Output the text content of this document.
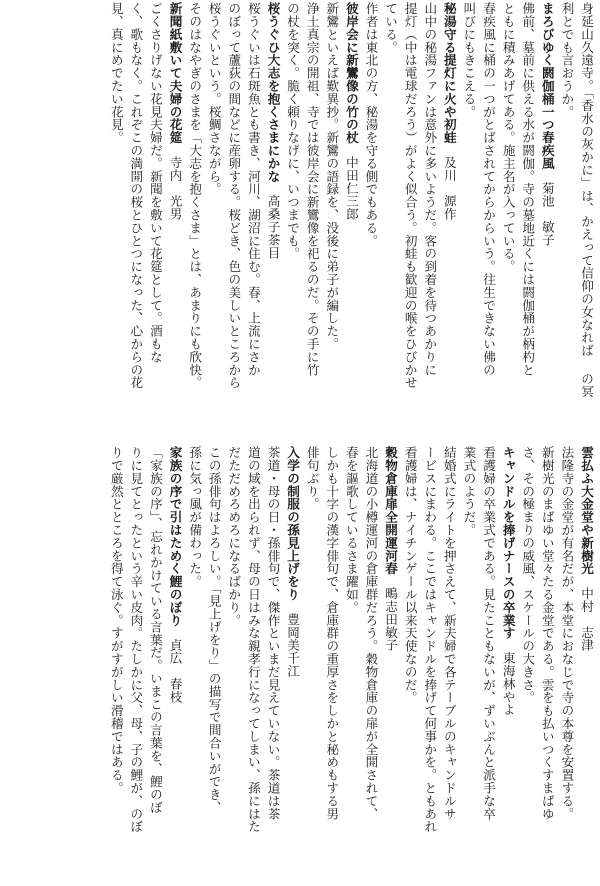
身延山久遠寺。「香水の灰かに」は、かえって信仰の女なれば の冥
利とでも言おうか。
まろびゆく閼伽桶一つ春疾風菊池　敏子
佛前、墓前に供える水が閼伽。寺の墓地近くには閼伽桶が柄杓と
ともに積みあげてある。施主名が入っている。
春疾風に桶の一つがとばされてからからいう。往生できない佛の
叫びにもきこえる。
秘湯守る提灯に火や初蛙及川　源作
山中の秘湯ファンは意外に多いようだ。客の到着を待つあかりに
提灯（中は電球だろう）がよく似合う。初蛙も歓迎の喉をひびかせ
ている。
作者は東北の方、秘湯を守る側でもある。
彼岸会に新鸞像の竹の杖中田仁三郎
新鸞といえば歎異抄。新鸞の語録を、没後に弟子が編した。
浄土真宗の開祖、寺では彼岸会に新鸞像を祀るのだ。その手に竹
の杖を突く。脆く頼りなげに、いつまでも。
桜うぐひ大志を抱くさまにかな高桑子茶目
桜うぐいは石斑魚とも書き、河川、湖沼に住む。春、上流にさか
のぼって蘆荻の間などに産卵する。桜どき、色の美しいところから
桜うぐいという。桜鯛さながら。
そのはなやぎのさまを「大志を抱くさま」とは、あまりにも欣快。
新聞紙敷いて夫婦の花筵寺内　光男
ごくさりげない花見夫婦だ。新聞を敷いて花筵として。酒もな
く、歌もなく。これぞこの満開の桜とひとつになった、心からの花
見、真にめでたい花見。
雲払ふ大金堂や新樹光中村　志津
法隆寺の金堂が有名だが、本堂におなじで寺の本尊を安置する。
新樹光のまばゆい堂々たる金堂である。雲をも払いつくすまばゆ
さ、その極まりの威風、スケールの大きさ。
キャンドルを捧げナースの卒業す東海林やよ
看護婦の卒業式である。見たこともないが、ずいぶんと派手な卒
業式のようだ。
結婚式にライトを押さえて、新夫婦で各テーブルのキャンドルサ
ービスにまわる。ここではキャンドルを捧げて何事かを。ともあれ
看護婦は、ナイチンゲール以来天使なのだ。
穀物倉庫扉全開運河春鴫志田敏子
北海道の小樽運河の倉庫群だろう。穀物倉庫の扉が全開されて、
春を謳歌しているさま躍如。
しかも十字の漢字俳句で、倉庫群の重厚さをしかと秘めもする男
俳句ぶり。
入学の制服の孫見上げをり豊岡美千江
茶道・母の日・孫俳句で、傑作といまだ見えていない。茶道は茶
道の域を出られず、母の日はみな親孝行になってしまい、孫にはた
だただめろめろになるばかり。
この孫俳句はよろしい。「見上げをり」の描写で間合いができ、
孫に気っ風が備わった。
家族の序で引はためく鯉のぼり貞広　春枝
「家族の序」、忘れかけている言葉だ。いまこの言葉を、鯉のぼ
りに見てとったという辛い皮肉。たしかに父、母、子の鯉が、のぼ
りで厳然とところを得て泳ぐ。すがすがしい滑稽ではある。
